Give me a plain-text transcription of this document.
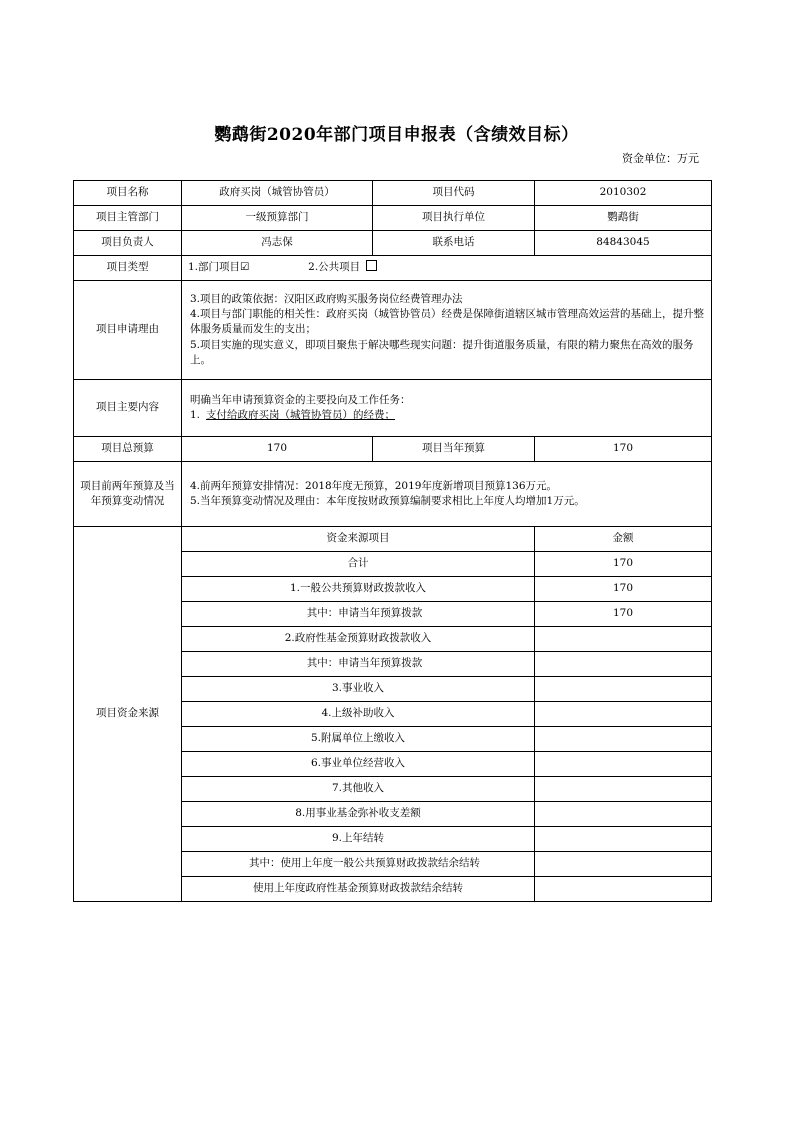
鹦鹉街2020年部门项目申报表（含绩效目标）
资金单位：万元
项目名称	政府买岗（城管协管员）	项目代码	2010302
项目主管部门	一级预算部门	项目执行单位	鹦鹉街
项目负责人	冯志保	联系电话	84843045
项目类型	1.部门项目☑ 2.公共项目		
项目申请理由	3.项目的政策依据：汉阳区政府购买服务岗位经费管理办法
4.项目与部门职能的相关性：政府买岗（城管协管员）经费是保障街道辖区城市管理高效运营的基础上，提升整体服务质量而发生的支出；
5.项目实施的现实意义，即项目聚焦于解决哪些现实问题：提升街道服务质量，有限的精力聚焦在高效的服务上。		

项目主要内容	明确当年申请预算资金的主要投向及工作任务：
1. 支付给政府买岗（城管协管员）的经费；		

项目总预算	170	项目当年预算	170
项目前两年预算及当年预算变动情况	4.前两年预算安排情况：2018年度无预算，2019年度新增项目预算136万元。
5.当年预算变动情况及理由：本年度按财政预算编制要求相比上年度人均增加1万元。		

项目资金来源	资金来源项目		金额
	合计		170
	1.一般公共预算财政拨款收入		170
	其中：申请当年预算拨款		170
	2.政府性基金预算财政拨款收入		
	其中：申请当年预算拨款		
	3.事业收入		
	4.上级补助收入		
	5.附属单位上缴收入		
	6.事业单位经营收入		
	7.其他收入		
	8.用事业基金弥补收支差额		
	9.上年结转		
	其中：使用上年度一般公共预算财政拨款结余结转		
	使用上年度政府性基金预算财政拨款结余结转		
